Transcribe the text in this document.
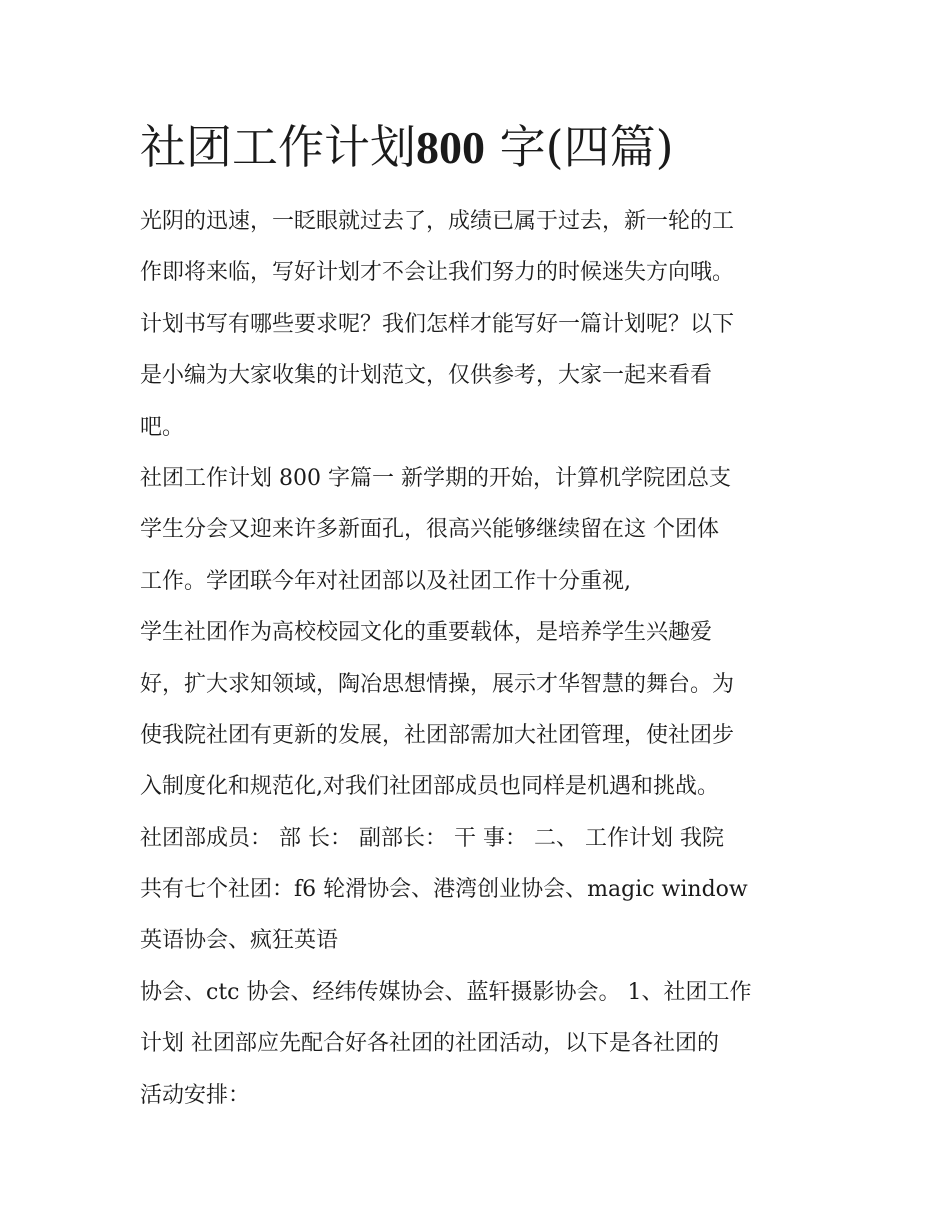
社团工作计划800 字(四篇)
光阴的迅速，一眨眼就过去了，成绩已属于过去，新一轮的工
作即将来临，写好计划才不会让我们努力的时候迷失方向哦。
计划书写有哪些要求呢？我们怎样才能写好一篇计划呢？以下
是小编为大家收集的计划范文，仅供参考，大家一起来看看
吧。
社团工作计划 800 字篇一 新学期的开始，计算机学院团总支
学生分会又迎来许多新面孔，很高兴能够继续留在这 个团体
工作。学团联今年对社团部以及社团工作十分重视,
学生社团作为高校校园文化的重要载体，是培养学生兴趣爱
好，扩大求知领域，陶冶思想情操，展示才华智慧的舞台。为
使我院社团有更新的发展，社团部需加大社团管理，使社团步
入制度化和规范化,对我们社团部成员也同样是机遇和挑战。
社团部成员： 部 长： 副部长： 干 事： 二、 工作计划 我院
共有七个社团：f6 轮滑协会、港湾创业协会、magic window
英语协会、疯狂英语
协会、ctc 协会、经纬传媒协会、蓝轩摄影协会。 1、社团工作
计划 社团部应先配合好各社团的社团活动，以下是各社团的
活动安排：
